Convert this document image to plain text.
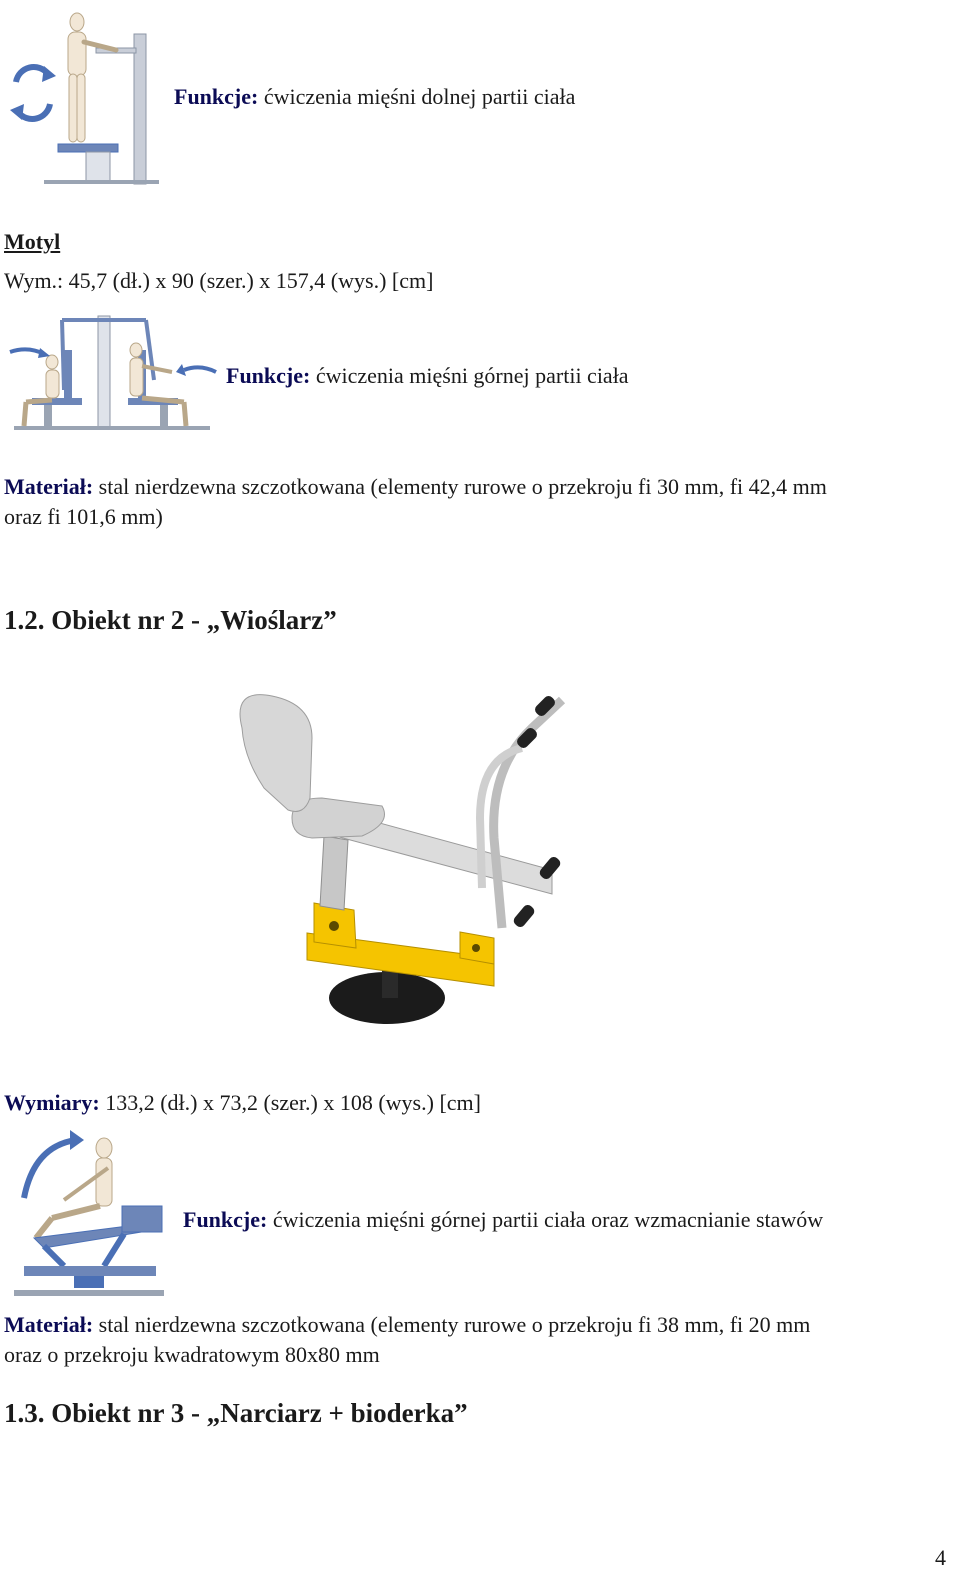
Funkcje: ćwiczenia mięśni dolnej partii ciała
Motyl
Wym.: 45,7 (dł.) x 90 (szer.) x 157,4 (wys.) [cm]
Funkcje: ćwiczenia mięśni górnej partii ciała
Materiał: stal nierdzewna szczotkowana (elementy rurowe o przekroju fi 30 mm, fi 42,4 mm
oraz fi 101,6 mm)
1.2. Obiekt nr 2 - „Wioślarz”
Wymiary: 133,2 (dł.) x 73,2 (szer.) x 108 (wys.) [cm]
Funkcje: ćwiczenia mięśni górnej partii ciała oraz wzmacnianie stawów
Materiał: stal nierdzewna szczotkowana (elementy rurowe o przekroju fi 38 mm, fi 20 mm
oraz o przekroju kwadratowym 80x80 mm
1.3. Obiekt nr 3 - „Narciarz + bioderka”
4
